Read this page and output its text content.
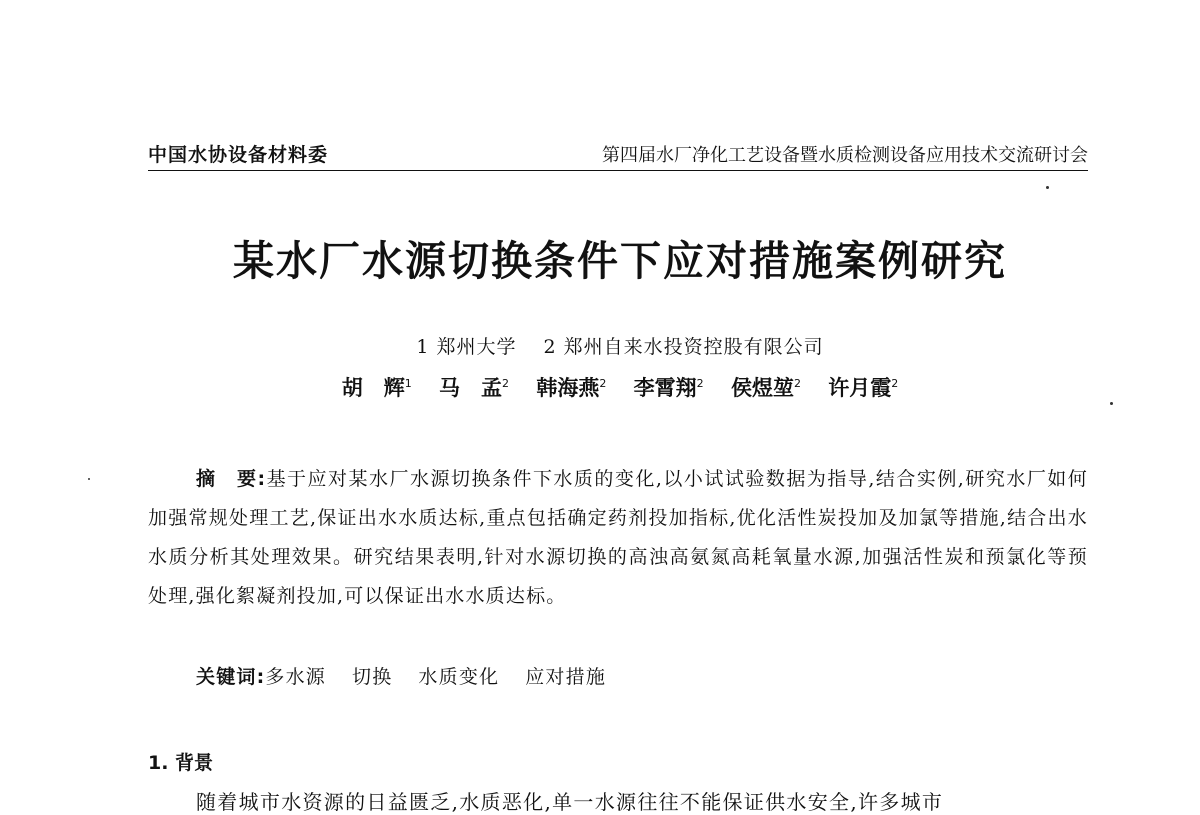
中国水协设备材料委	第四届水厂净化工艺设备暨水质检测设备应用技术交流研讨会
某水厂水源切换条件下应对措施案例研究
1 郑州大学 2 郑州自来水投资控股有限公司
胡　辉$^1$ 马　孟$^2$ 韩海燕$^2$ 李霄翔$^2$ 侯煜堃$^2$ 许月霞$^2$
摘　要:基于应对某水厂水源切换条件下水质的变化,以小试试验数据为指导,结合实例,研究水厂如何加强常规处理工艺,保证出水水质达标,重点包括确定药剂投加指标,优化活性炭投加及加氯等措施,结合出水水质分析其处理效果。研究结果表明,针对水源切换的高浊高氨氮高耗氧量水源,加强活性炭和预氯化等预处理,强化絮凝剂投加,可以保证出水水质达标。
关键词:多水源 切换 水质变化 应对措施
1. 背景
随着城市水资源的日益匮乏,水质恶化,单一水源往往不能保证供水安全,许多城市
